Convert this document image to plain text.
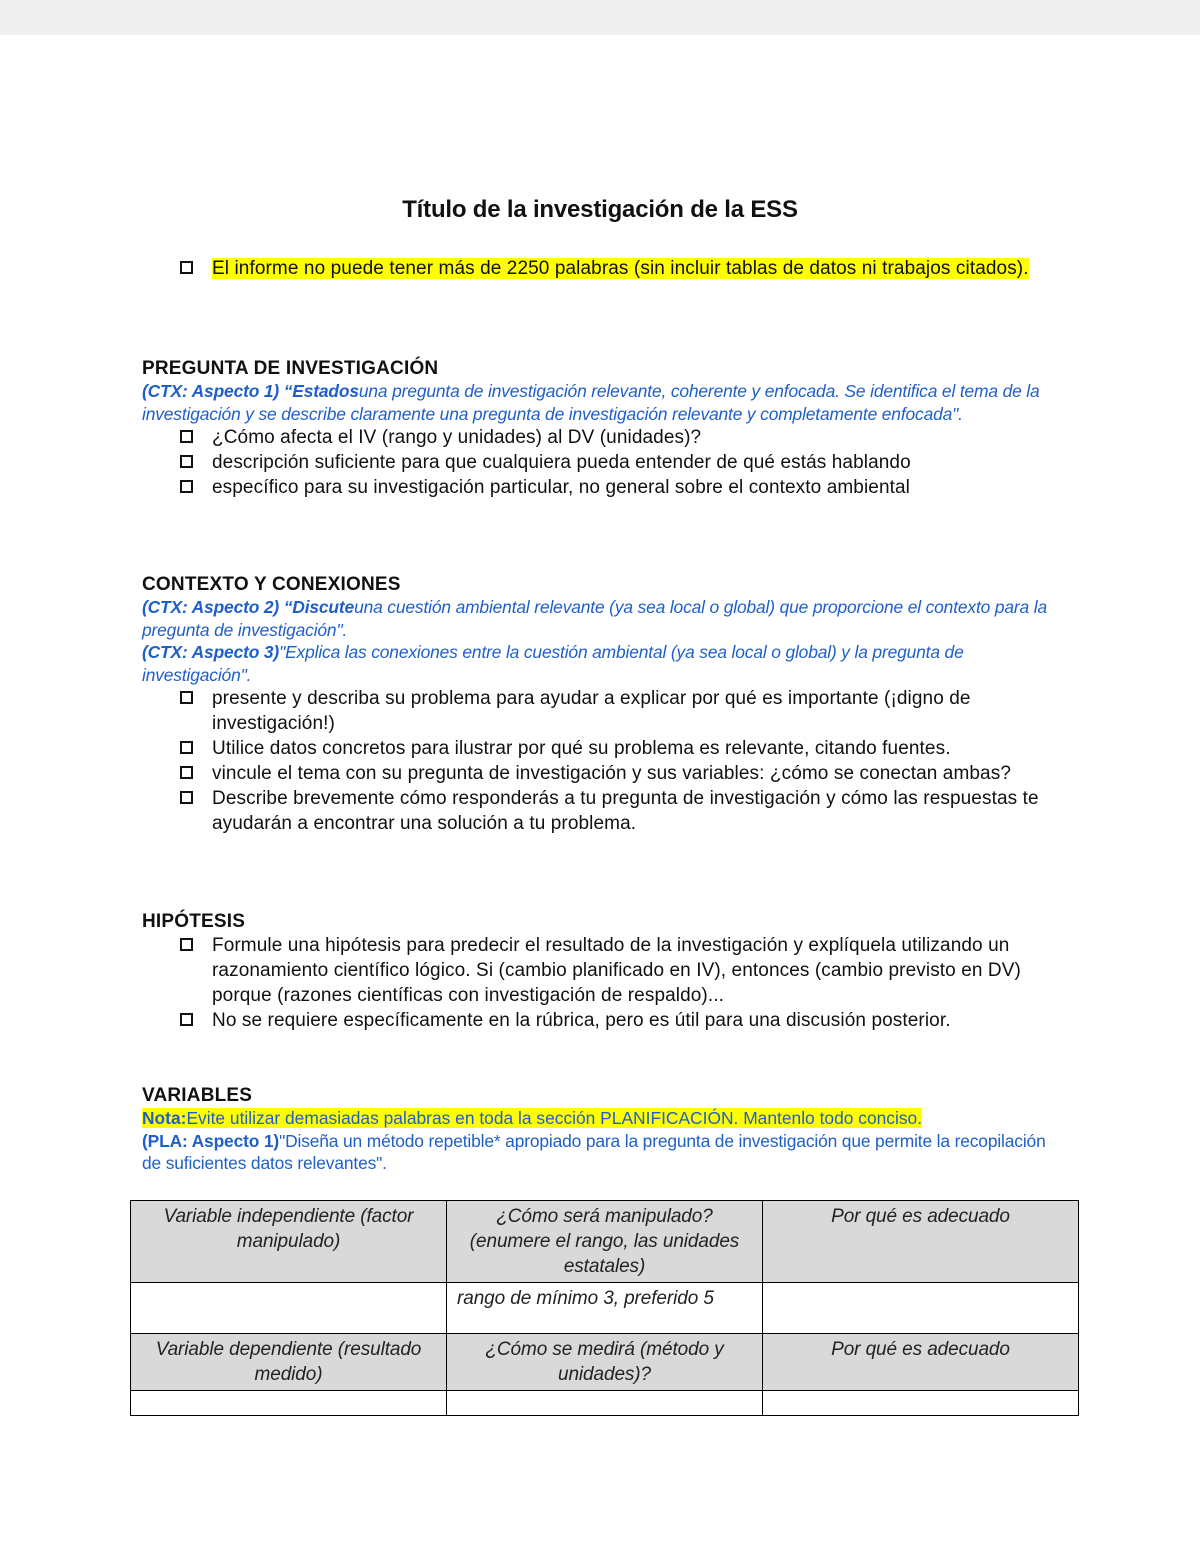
Título de la investigación de la ESS
El informe no puede tener más de 2250 palabras (sin incluir tablas de datos ni trabajos citados).
PREGUNTA DE INVESTIGACIÓN
(CTX: Aspecto 1) “Estadosuna pregunta de investigación relevante, coherente y enfocada. Se identifica el tema de la investigación y se describe claramente una pregunta de investigación relevante y completamente enfocada".
¿Cómo afecta el IV (rango y unidades) al DV (unidades)?
descripción suficiente para que cualquiera pueda entender de qué estás hablando
específico para su investigación particular, no general sobre el contexto ambiental
CONTEXTO Y CONEXIONES
(CTX: Aspecto 2) “Discuteuna cuestión ambiental relevante (ya sea local o global) que proporcione el contexto para la pregunta de investigación".
(CTX: Aspecto 3)"Explica las conexiones entre la cuestión ambiental (ya sea local o global) y la pregunta de investigación".
presente y describa su problema para ayudar a explicar por qué es importante (¡digno de investigación!)
Utilice datos concretos para ilustrar por qué su problema es relevante, citando fuentes.
vincule el tema con su pregunta de investigación y sus variables: ¿cómo se conectan ambas?
Describe brevemente cómo responderás a tu pregunta de investigación y cómo las respuestas te ayudarán a encontrar una solución a tu problema.
HIPÓTESIS
Formule una hipótesis para predecir el resultado de la investigación y explíquela utilizando un razonamiento científico lógico. Si (cambio planificado en IV), entonces (cambio previsto en DV) porque (razones científicas con investigación de respaldo)...
No se requiere específicamente en la rúbrica, pero es útil para una discusión posterior.
VARIABLES
Nota:Evite utilizar demasiadas palabras en toda la sección PLANIFICACIÓN. Mantenlo todo conciso.
(PLA: Aspecto 1)"Diseña un método repetible* apropiado para la pregunta de investigación que permite la recopilación de suficientes datos relevantes".
Variable independiente (factor manipulado)	¿Cómo será manipulado? (enumere el rango, las unidades estatales)	Por qué es adecuado
	rango de mínimo 3, preferido 5	
Variable dependiente (resultado medido)	¿Cómo se medirá (método y unidades)?	Por qué es adecuado
